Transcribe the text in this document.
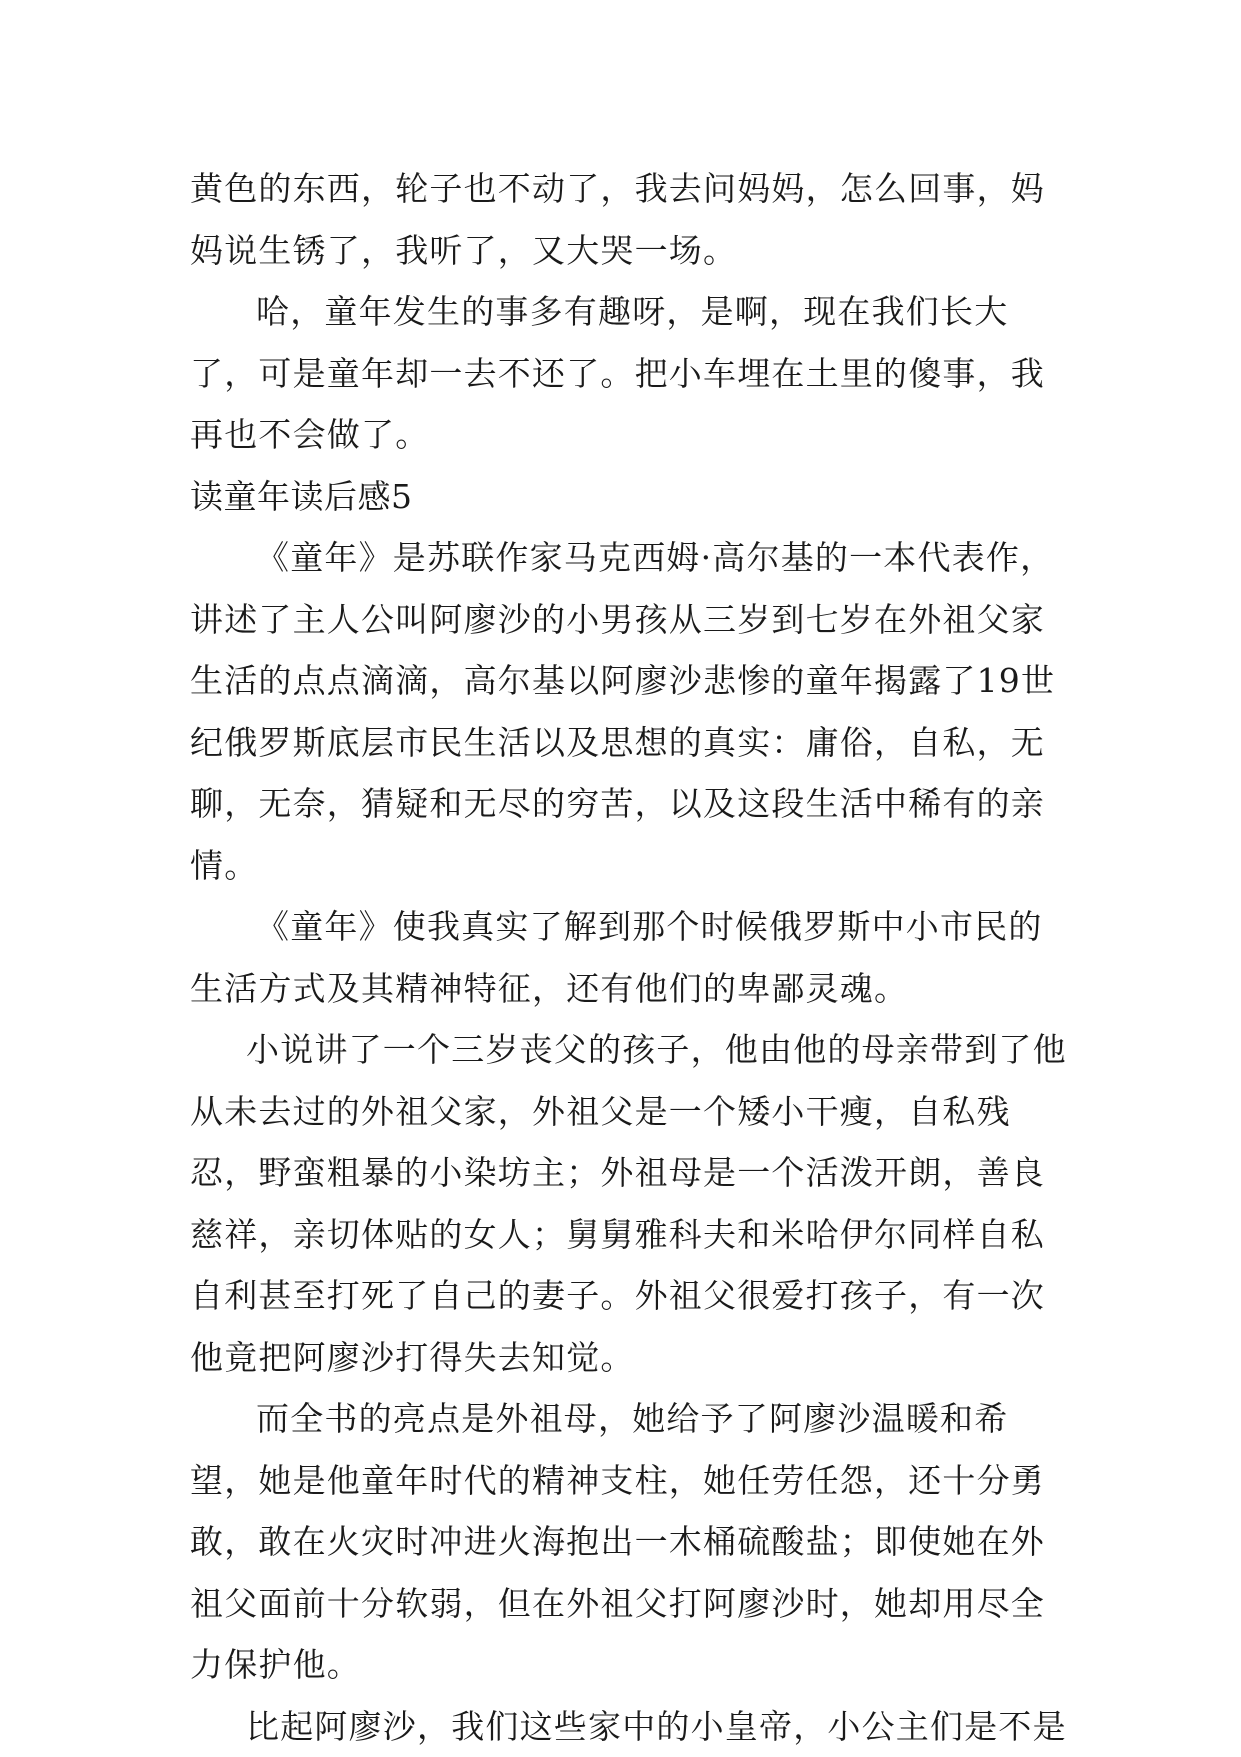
黄色的东西，轮子也不动了，我去问妈妈，怎么回事，妈妈说生锈了，我听了，又大哭一场。

哈，童年发生的事多有趣呀，是啊，现在我们长大了，可是童年却一去不还了。把小车埋在土里的傻事，我再也不会做了。

读童年读后感5

《童年》是苏联作家马克西姆·高尔基的一本代表作，讲述了主人公叫阿廖沙的小男孩从三岁到七岁在外祖父家生活的点点滴滴，高尔基以阿廖沙悲惨的童年揭露了19世纪俄罗斯底层市民生活以及思想的真实：庸俗，自私，无聊，无奈，猜疑和无尽的穷苦，以及这段生活中稀有的亲情。

《童年》使我真实了解到那个时候俄罗斯中小市民的生活方式及其精神特征，还有他们的卑鄙灵魂。

小说讲了一个三岁丧父的孩子，他由他的母亲带到了他从未去过的外祖父家，外祖父是一个矮小干瘦，自私残忍，野蛮粗暴的小染坊主；外祖母是一个活泼开朗，善良慈祥，亲切体贴的女人；舅舅雅科夫和米哈伊尔同样自私自利甚至打死了自己的妻子。外祖父很爱打孩子，有一次他竟把阿廖沙打得失去知觉。

而全书的亮点是外祖母，她给予了阿廖沙温暖和希望，她是他童年时代的精神支柱，她任劳任怨，还十分勇敢，敢在火灾时冲进火海抱出一木桶硫酸盐；即使她在外祖父面前十分软弱，但在外祖父打阿廖沙时，她却用尽全力保护他。

比起阿廖沙，我们这些家中的小皇帝，小公主们是不是
